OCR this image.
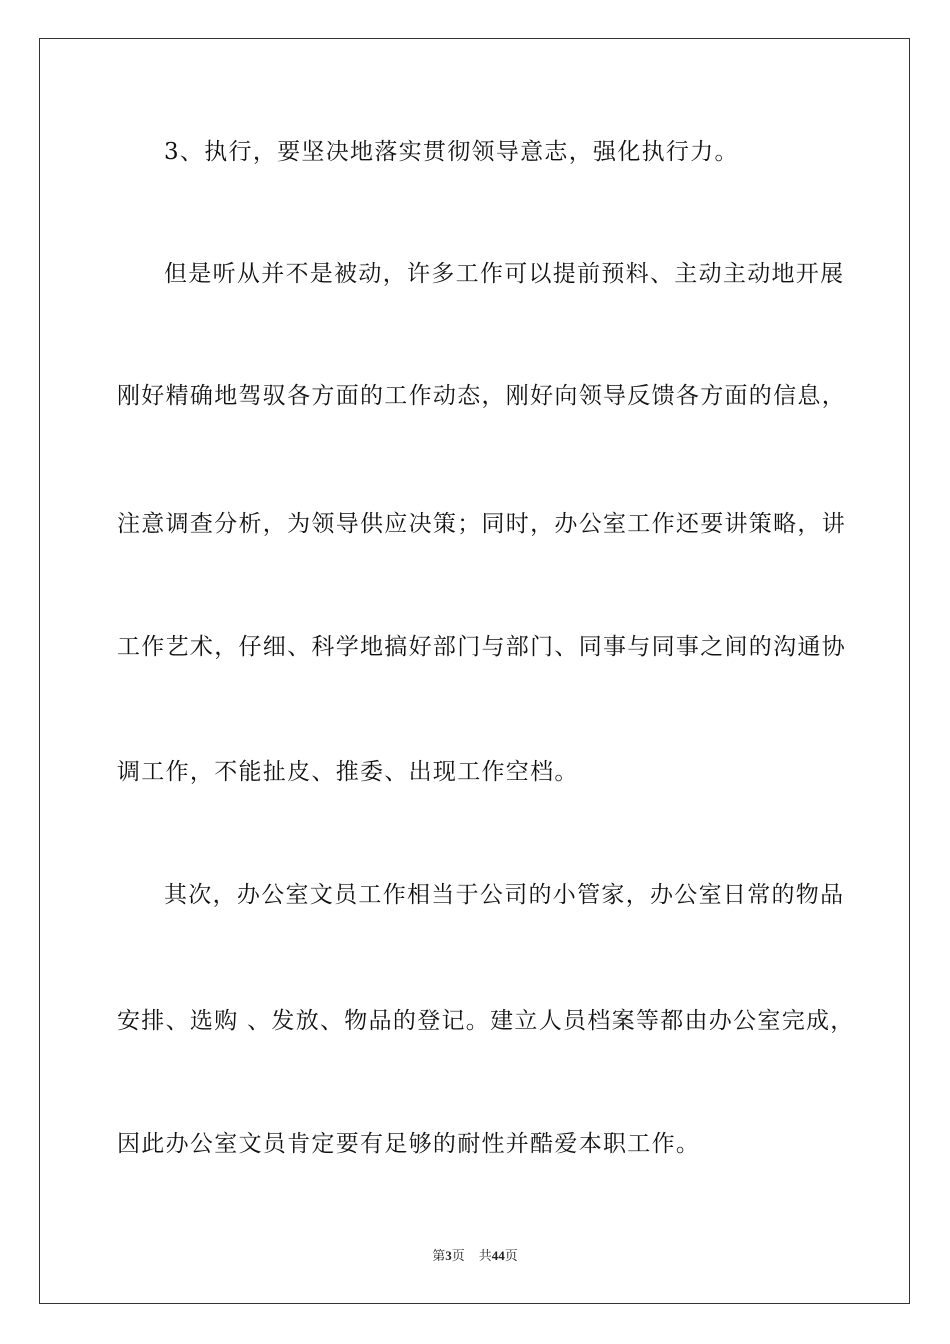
3、执行，要坚决地落实贯彻领导意志，强化执行力。
但是听从并不是被动，许多工作可以提前预料、主动主动地开展
刚好精确地驾驭各方面的工作动态，刚好向领导反馈各方面的信息，
注意调查分析，为领导供应决策；同时，办公室工作还要讲策略，讲
工作艺术，仔细、科学地搞好部门与部门、同事与同事之间的沟通协
调工作，不能扯皮、推委、出现工作空档。
其次，办公室文员工作相当于公司的小管家，办公室日常的物品
安排、选购 、发放、物品的登记。建立人员档案等都由办公室完成，
因此办公室文员肯定要有足够的耐性并酷爱本职工作。
第3页 共44页
